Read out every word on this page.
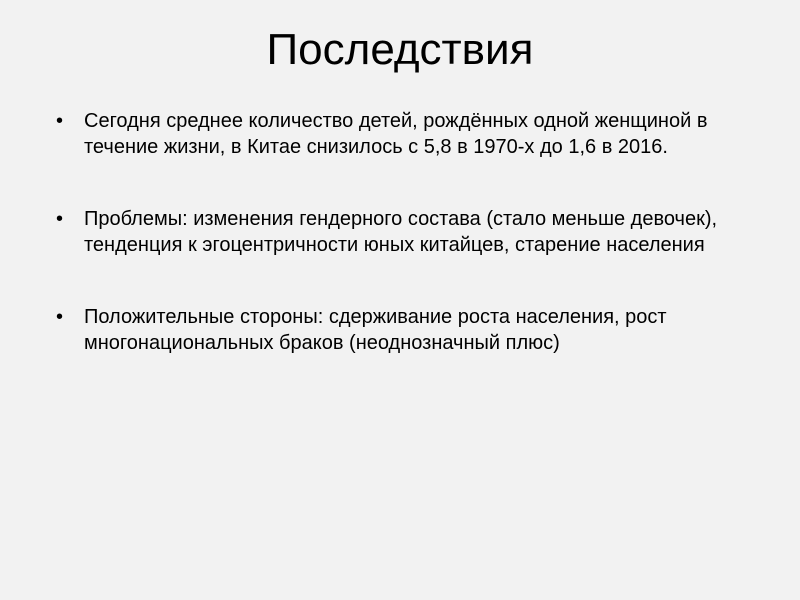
Последствия
•	Сегодня среднее количество детей, рождённых одной женщиной в течение жизни, в Китае снизилось с 5,8 в 1970-х до 1,6 в 2016.
•	Проблемы: изменения гендерного состава (стало меньше девочек), тенденция к эгоцентричности юных китайцев, старение населения
•	Положительные стороны: сдерживание роста населения, рост многонациональных браков (неоднозначный плюс)
